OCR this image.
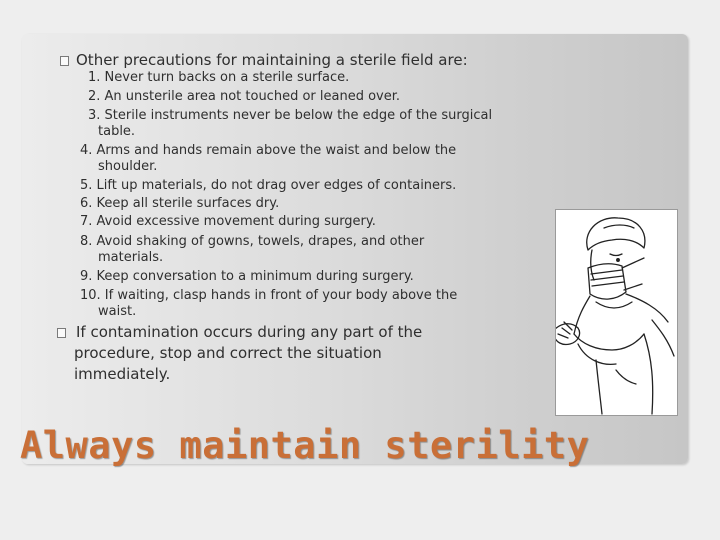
Other precautions for maintaining a sterile field are:
1. Never turn backs on a sterile surface.
2. An unsterile area not touched or leaned over.
3. Sterile instruments never be below the edge of the surgical
table.
4. Arms and hands remain above the waist and below the
shoulder.
5. Lift up materials, do not drag over edges of containers.
6. Keep all sterile surfaces dry.
7. Avoid excessive movement during surgery.
8. Avoid shaking of gowns, towels, drapes, and other
materials.
9. Keep conversation to a minimum during surgery.
10. If waiting, clasp hands in front of your body above the
waist.
If contamination occurs during any part of the
procedure, stop and correct the situation
immediately.
Always maintain sterility
